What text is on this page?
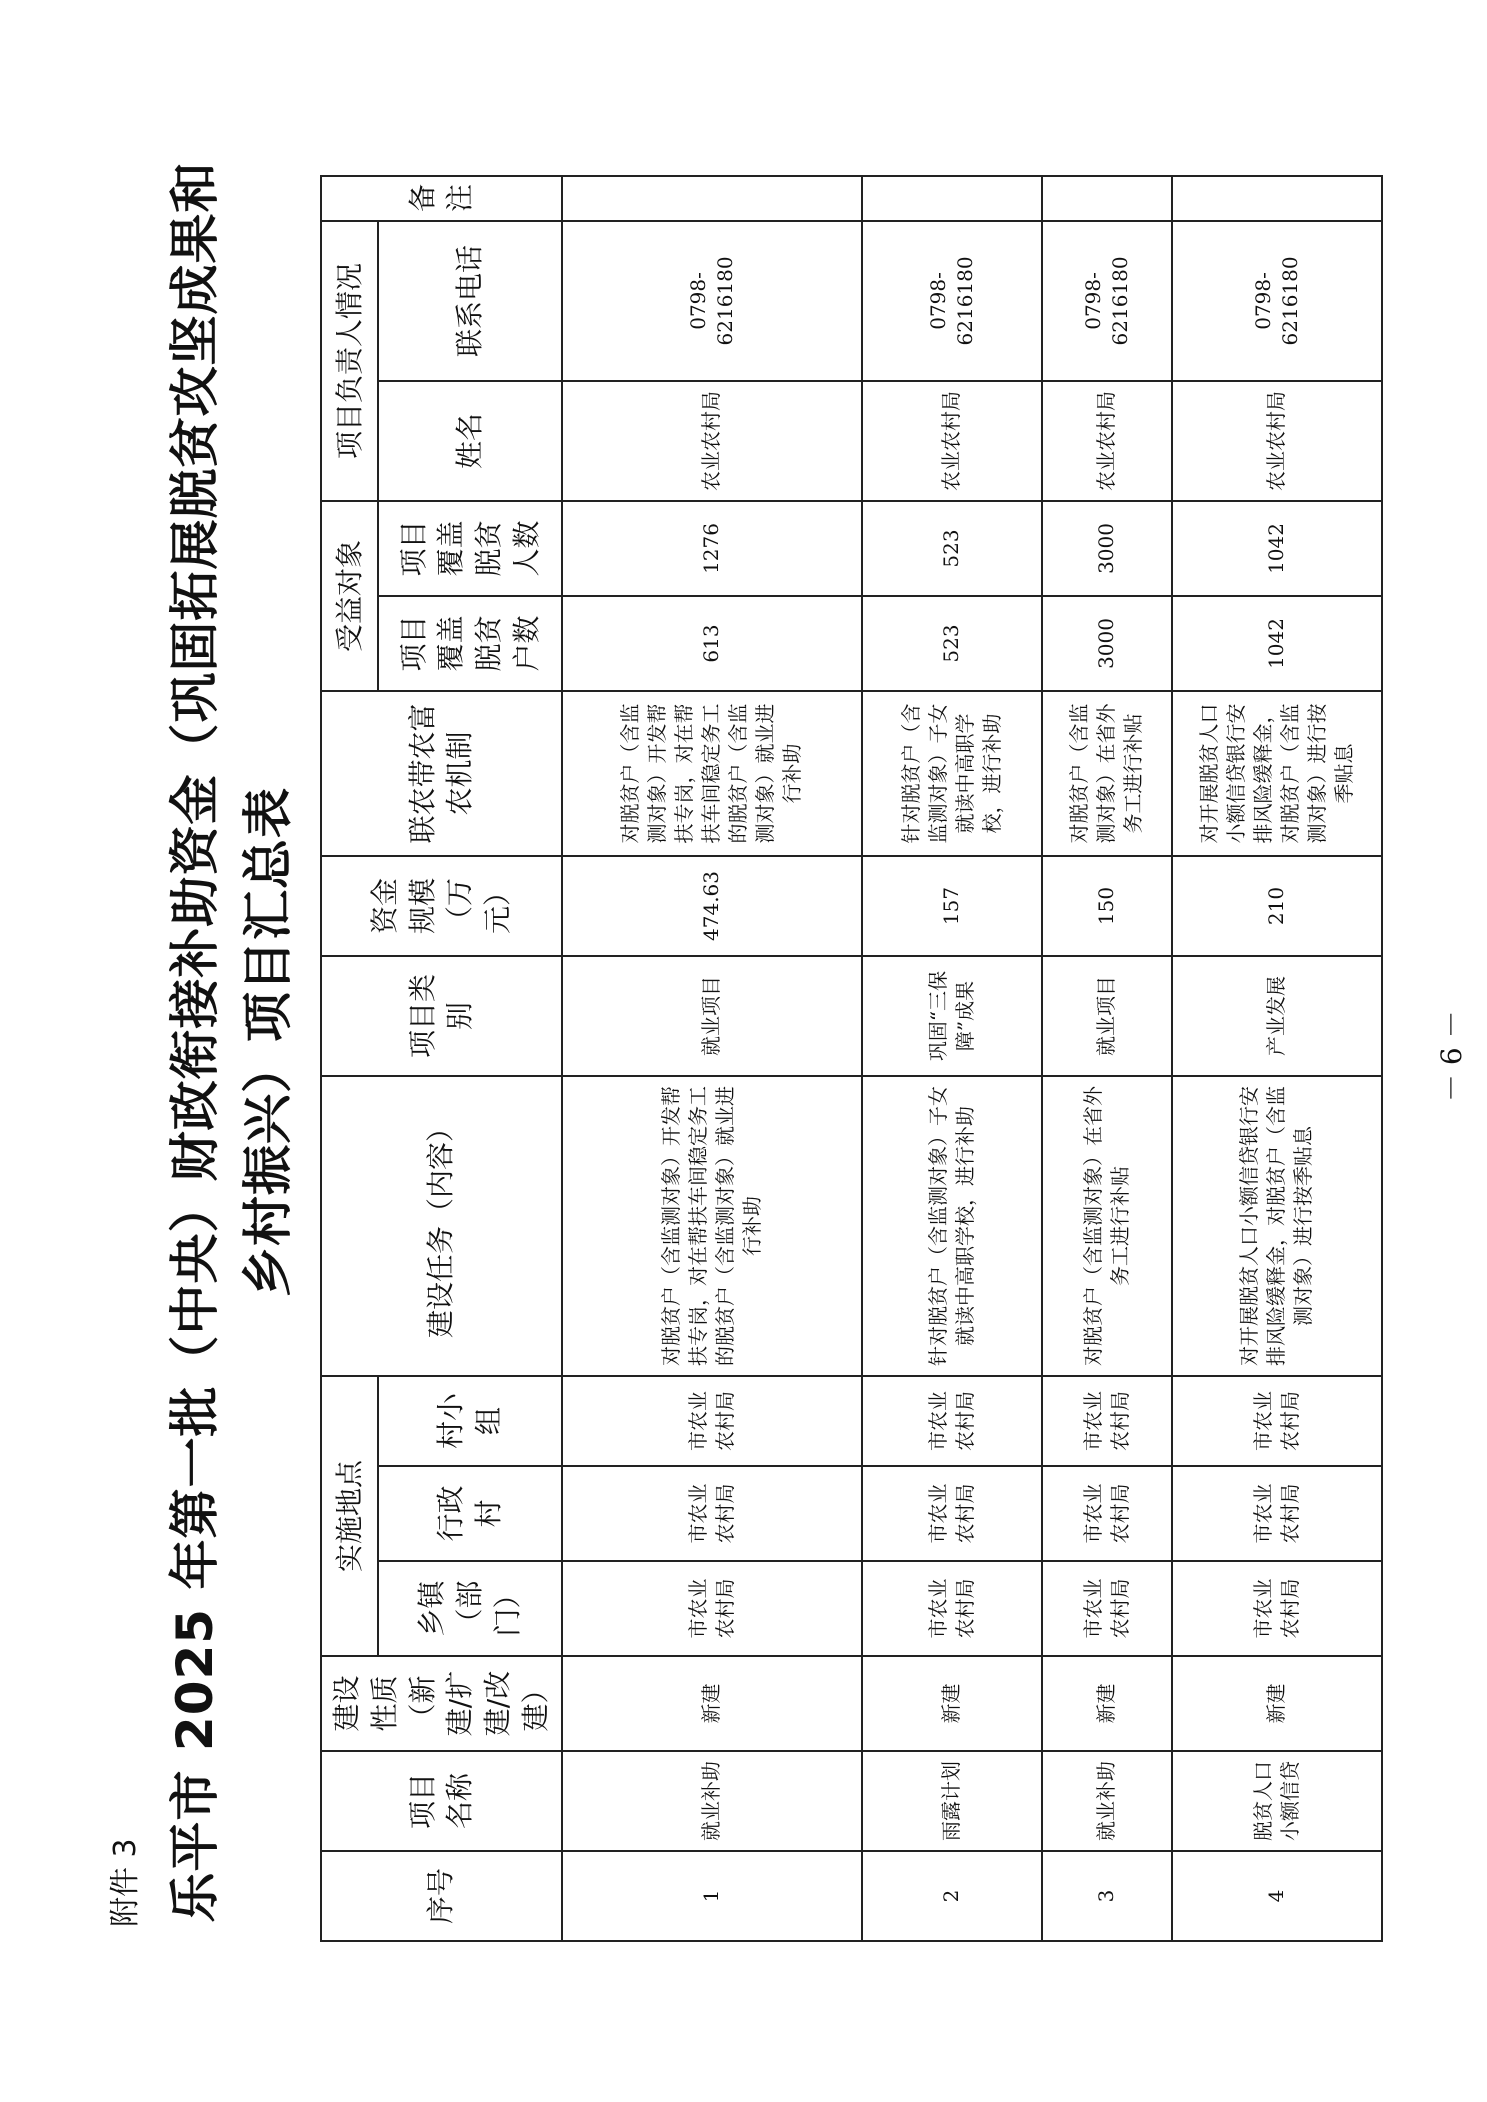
附件 3 乐平市 2025 年第一批（中央）财政衔接补助资金（巩固拓展脱贫攻坚成果和 乡村振兴）项目汇总表
序号	项目名称	建设性质（新建/扩建/改建）	实施地点			建设任务（内容）	项目类别	资金规模（万元）	联农带农富农机制	受益对象		项目负责人情况		备注
			乡镇（部门）	行政村	村小组					项目覆盖脱贫户数	项目覆盖脱贫人数	姓名	联系电话	
1	就业补助	新建	市农业农村局	市农业农村局	市农业农村局	对脱贫户（含监测对象）开发帮扶专岗，对在帮扶车间稳定务工的脱贫户（含监测对象）就业进行补助	就业项目	474.63	对脱贫户（含监测对象）开发帮扶专岗，对在帮扶车间稳定务工的脱贫户（含监测对象）就业进行补助	613	1276	农业农村局	0798-6216180	
2	雨露计划	新建	市农业农村局	市农业农村局	市农业农村局	针对脱贫户（含监测对象）子女就读中高职学校，进行补助	巩固“三保障”成果	157	针对脱贫户（含监测对象）子女就读中高职学校，进行补助	523	523	农业农村局	0798-6216180	
3	就业补助	新建	市农业农村局	市农业农村局	市农业农村局	对脱贫户（含监测对象）在省外务工进行补贴	就业项目	150	对脱贫户（含监测对象）在省外务工进行补贴	3000	3000	农业农村局	0798-6216180	
4	脱贫人口小额信贷	新建	市农业农村局	市农业农村局	市农业农村局	对开展脱贫人口小额信贷银行安排风险缓释金，对脱贫户（含监测对象）进行按季贴息	产业发展	210	对开展脱贫人口小额信贷银行安排风险缓释金，对脱贫户（含监测对象）进行按季贴息	1042	1042	农业农村局	0798-6216180	
－ 6 －
